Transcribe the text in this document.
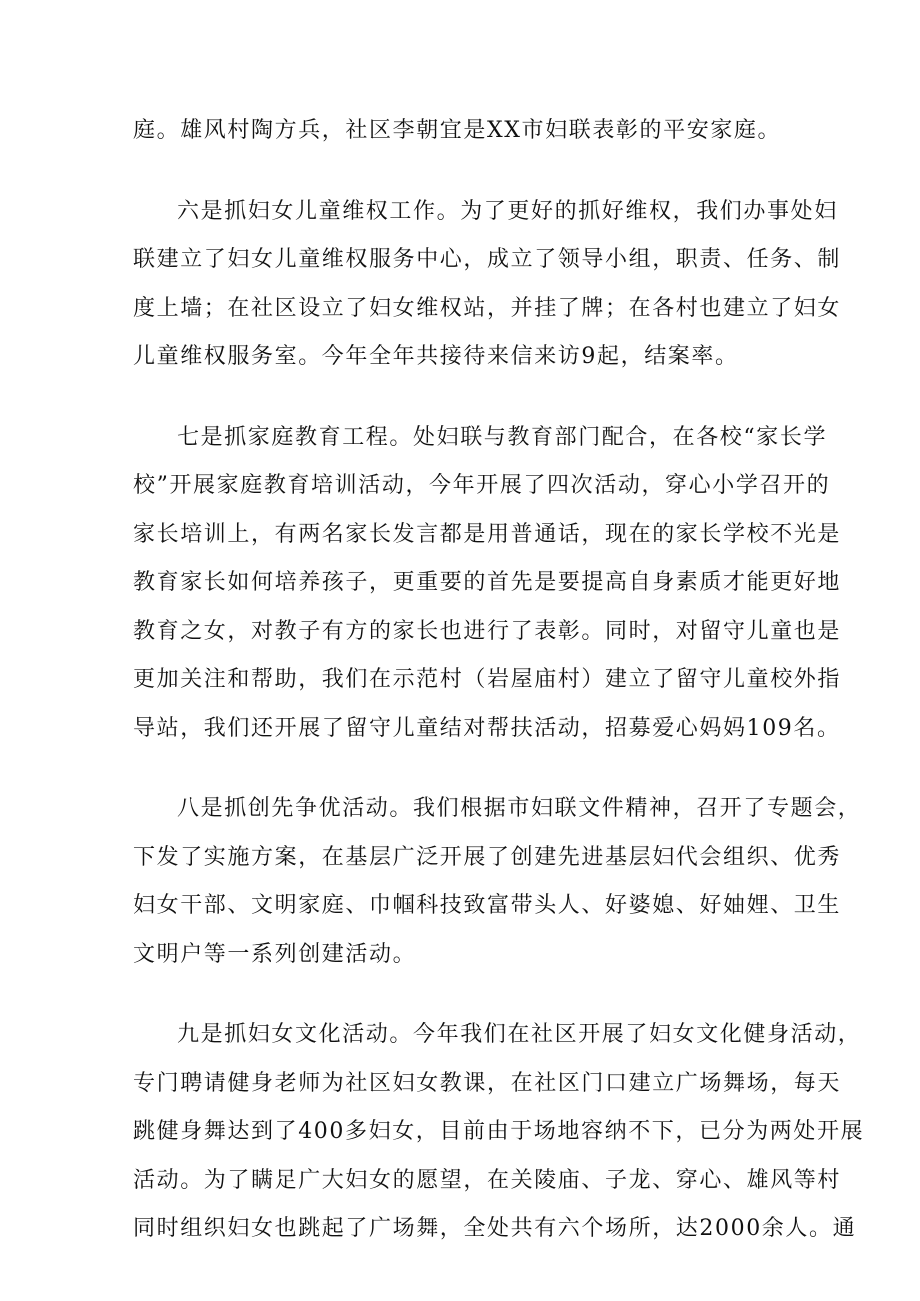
庭。雄风村陶方兵，社区李朝宜是XX市妇联表彰的平安家庭。
六是抓妇女儿童维权工作。为了更好的抓好维权，我们办事处妇
联建立了妇女儿童维权服务中心，成立了领导小组，职责、任务、制
度上墙；在社区设立了妇女维权站，并挂了牌；在各村也建立了妇女
儿童维权服务室。今年全年共接待来信来访9起，结案率。
七是抓家庭教育工程。处妇联与教育部门配合，在各校“家长学
校”开展家庭教育培训活动，今年开展了四次活动，穿心小学召开的
家长培训上，有两名家长发言都是用普通话，现在的家长学校不光是
教育家长如何培养孩子，更重要的首先是要提高自身素质才能更好地
教育之女，对教子有方的家长也进行了表彰。同时，对留守儿童也是
更加关注和帮助，我们在示范村（岩屋庙村）建立了留守儿童校外指
导站，我们还开展了留守儿童结对帮扶活动，招募爱心妈妈109名。
八是抓创先争优活动。我们根据市妇联文件精神，召开了专题会，
下发了实施方案，在基层广泛开展了创建先进基层妇代会组织、优秀
妇女干部、文明家庭、巾帼科技致富带头人、好婆媳、好妯娌、卫生
文明户等一系列创建活动。
九是抓妇女文化活动。今年我们在社区开展了妇女文化健身活动，
专门聘请健身老师为社区妇女教课，在社区门口建立广场舞场，每天
跳健身舞达到了400多妇女，目前由于场地容纳不下，已分为两处开展
活动。为了瞒足广大妇女的愿望，在关陵庙、子龙、穿心、雄风等村
同时组织妇女也跳起了广场舞，全处共有六个场所，达2000余人。通
